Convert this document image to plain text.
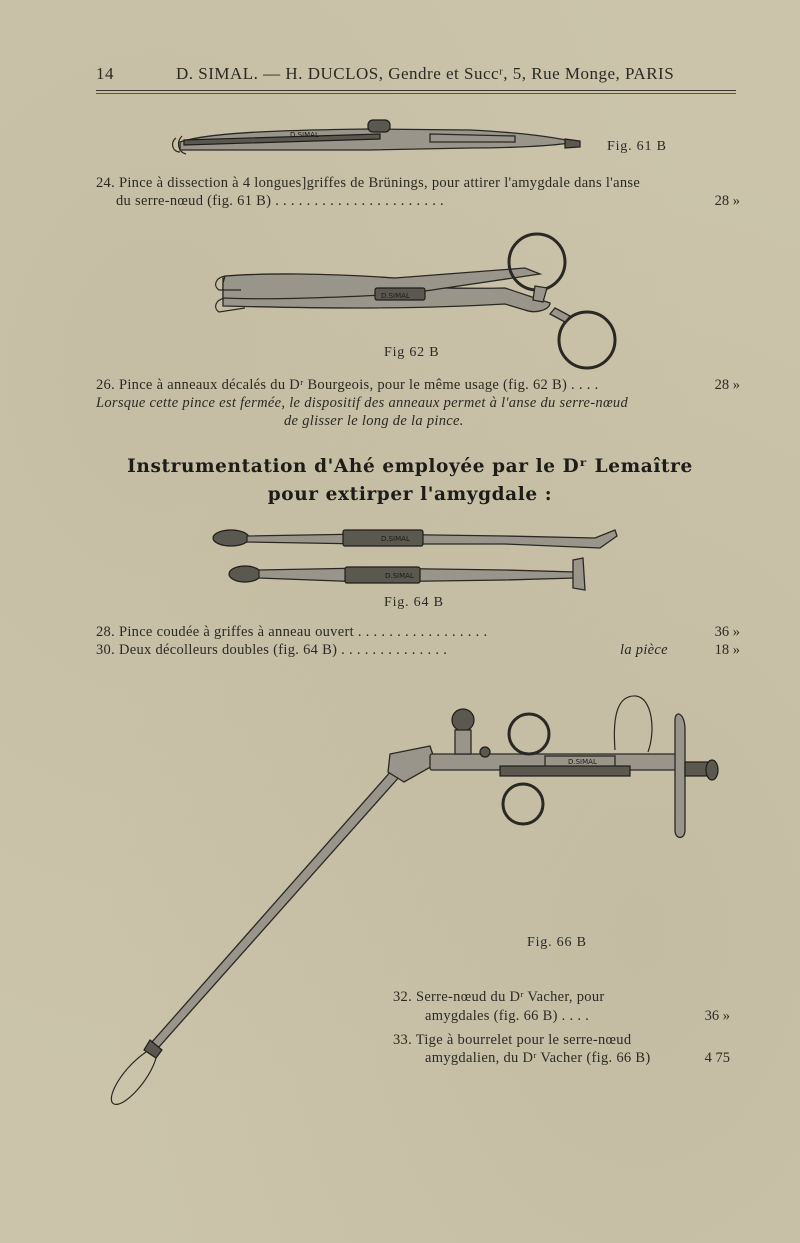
14	D. SIMAL. — H. DUCLOS, Gendre et Succʳ, 5, Rue Monge, PARIS
D.SIMAL
Fig. 61 B
24. Pince à dissection à 4 longues]griffes de Brünings, pour attirer l'amygdale dans l'anse
du serre-nœud (fig. 61 B) . . . . . . . . . . . . . . . . . . . . . .	28 »
D.SIMAL
Fig 62 B
26. Pince à anneaux décalés du Dʳ Bourgeois, pour le même usage (fig. 62 B) . . . .	28 »
Lorsque cette pince est fermée, le dispositif des anneaux permet à l'anse du serre-nœud
de glisser le long de la pince.
Instrumentation d'Ahé employée par le Dʳ Lemaître
pour extirper l'amygdale :
D.SIMAL
D.SIMAL
Fig. 64 B
28. Pince coudée à griffes à anneau ouvert . . . . . . . . . . . . . . . . .	36 »
30. Deux décolleurs doubles (fig. 64 B) . . . . . . . . . . . . . .	la pièce	18 »
D.SIMAL
Fig. 66 B
32. Serre-nœud du Dʳ Vacher, pour
amygdales (fig. 66 B) . . . .	36 »
33. Tige à bourrelet pour le serre-nœud
amygdalien, du Dʳ Vacher (fig. 66 B)	4 75
